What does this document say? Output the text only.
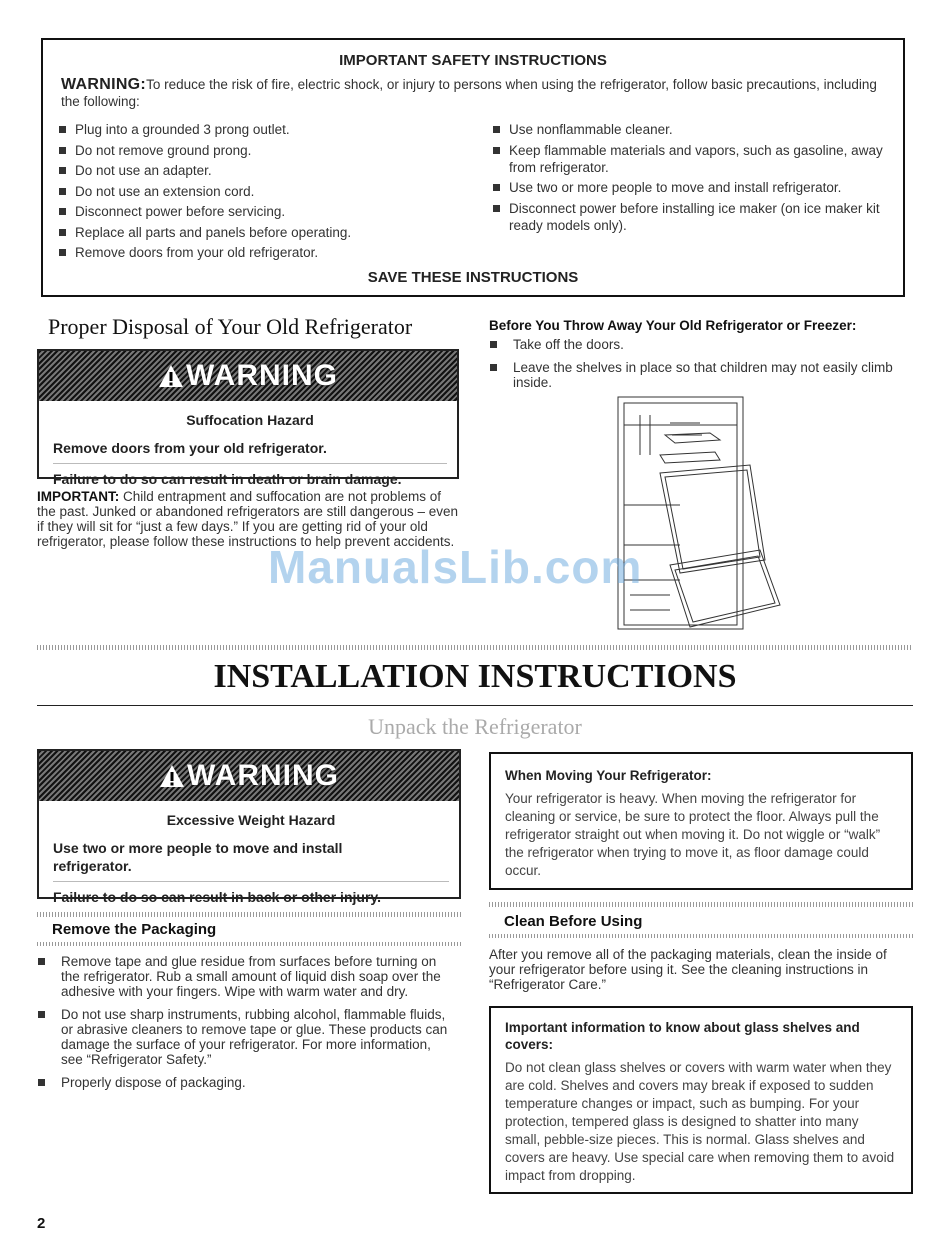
IMPORTANT SAFETY INSTRUCTIONS
WARNING:To reduce the risk of fire, electric shock, or injury to persons when using the refrigerator, follow basic precautions, including the following:
Plug into a grounded 3 prong outlet.
Do not remove ground prong.
Do not use an adapter.
Do not use an extension cord.
Disconnect power before servicing.
Replace all parts and panels before operating.
Remove doors from your old refrigerator.
Use nonflammable cleaner.
Keep flammable materials and vapors, such as gasoline, away from refrigerator.
Use two or more people to move and install refrigerator.
Disconnect power before installing ice maker (on ice maker kit ready models only).
SAVE THESE INSTRUCTIONS
Proper Disposal of Your Old Refrigerator
WARNING
Suffocation Hazard
Remove doors from your old refrigerator.
Failure to do so can result in death or brain damage.
IMPORTANT: Child entrapment and suffocation are not problems of the past. Junked or abandoned refrigerators are still dangerous – even if they will sit for “just a few days.” If you are getting rid of your old refrigerator, please follow these instructions to help prevent accidents.
Before You Throw Away Your Old Refrigerator or Freezer:
Take off the doors.
Leave the shelves in place so that children may not easily climb inside.
ManualsLib.com
INSTALLATION INSTRUCTIONS
Unpack the Refrigerator
WARNING
Excessive Weight Hazard
Use two or more people to move and install refrigerator.
Failure to do so can result in back or other injury.
When Moving Your Refrigerator:
Your refrigerator is heavy. When moving the refrigerator for cleaning or service, be sure to protect the floor. Always pull the refrigerator straight out when moving it. Do not wiggle or “walk” the refrigerator when trying to move it, as floor damage could occur.
Remove the Packaging
Remove tape and glue residue from surfaces before turning on the refrigerator. Rub a small amount of liquid dish soap over the adhesive with your fingers. Wipe with warm water and dry.
Do not use sharp instruments, rubbing alcohol, flammable fluids, or abrasive cleaners to remove tape or glue. These products can damage the surface of your refrigerator. For more information, see “Refrigerator Safety.”
Properly dispose of packaging.
Clean Before Using
After you remove all of the packaging materials, clean the inside of your refrigerator before using it. See the cleaning instructions in “Refrigerator Care.”
Important information to know about glass shelves and covers:
Do not clean glass shelves or covers with warm water when they are cold. Shelves and covers may break if exposed to sudden temperature changes or impact, such as bumping. For your protection, tempered glass is designed to shatter into many small, pebble-size pieces. This is normal. Glass shelves and covers are heavy. Use special care when removing them to avoid impact from dropping.
2
